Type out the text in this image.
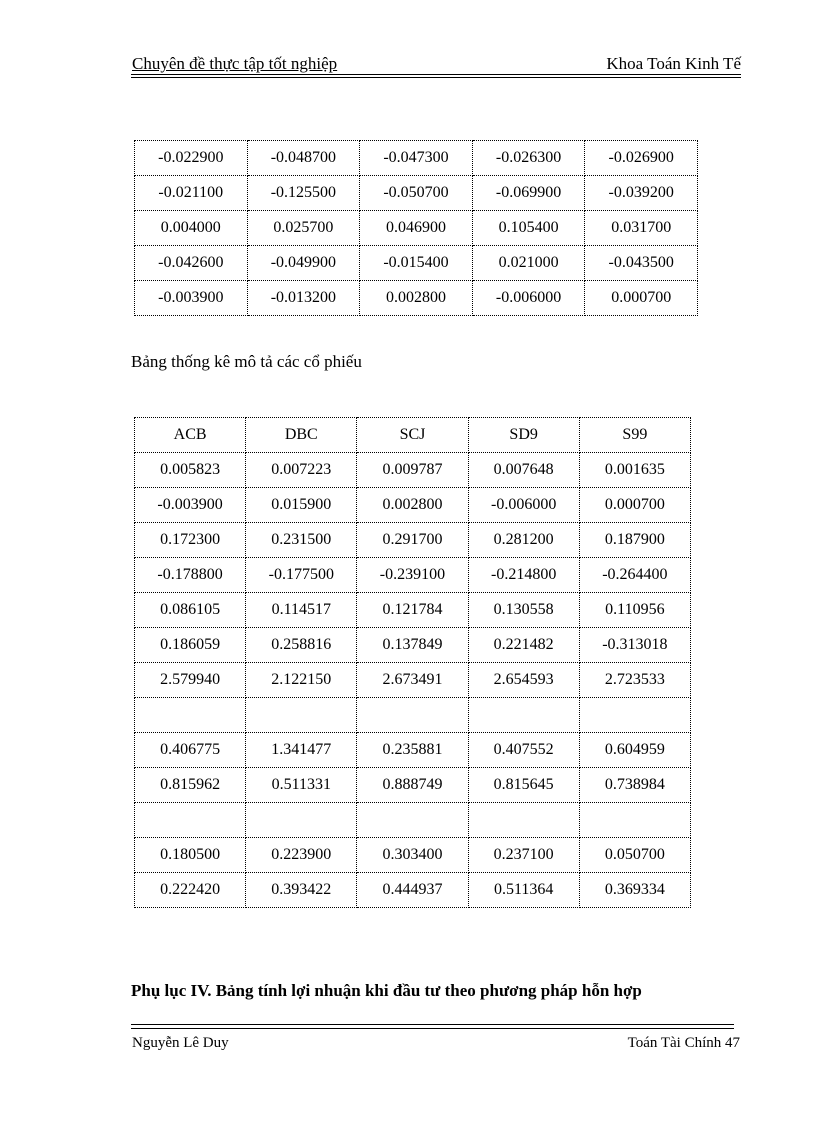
Chuyên đề thực tập tốt nghiệp	Khoa Toán Kinh Tế
-0.022900	-0.048700	-0.047300	-0.026300	-0.026900
-0.021100	-0.125500	-0.050700	-0.069900	-0.039200
0.004000	0.025700	0.046900	0.105400	0.031700
-0.042600	-0.049900	-0.015400	0.021000	-0.043500
-0.003900	-0.013200	0.002800	-0.006000	0.000700
Bảng thống kê mô tả các cổ phiếu
ACB	DBC	SCJ	SD9	S99
0.005823	0.007223	0.009787	0.007648	0.001635
-0.003900	0.015900	0.002800	-0.006000	0.000700
0.172300	0.231500	0.291700	0.281200	0.187900
-0.178800	-0.177500	-0.239100	-0.214800	-0.264400
0.086105	0.114517	0.121784	0.130558	0.110956
0.186059	0.258816	0.137849	0.221482	-0.313018
2.579940	2.122150	2.673491	2.654593	2.723533

0.406775	1.341477	0.235881	0.407552	0.604959
0.815962	0.511331	0.888749	0.815645	0.738984

0.180500	0.223900	0.303400	0.237100	0.050700
0.222420	0.393422	0.444937	0.511364	0.369334
Phụ lục IV. Bảng tính lợi nhuận khi đầu tư theo phương pháp hỗn hợp
Nguyễn Lê Duy	Toán Tài Chính 47
